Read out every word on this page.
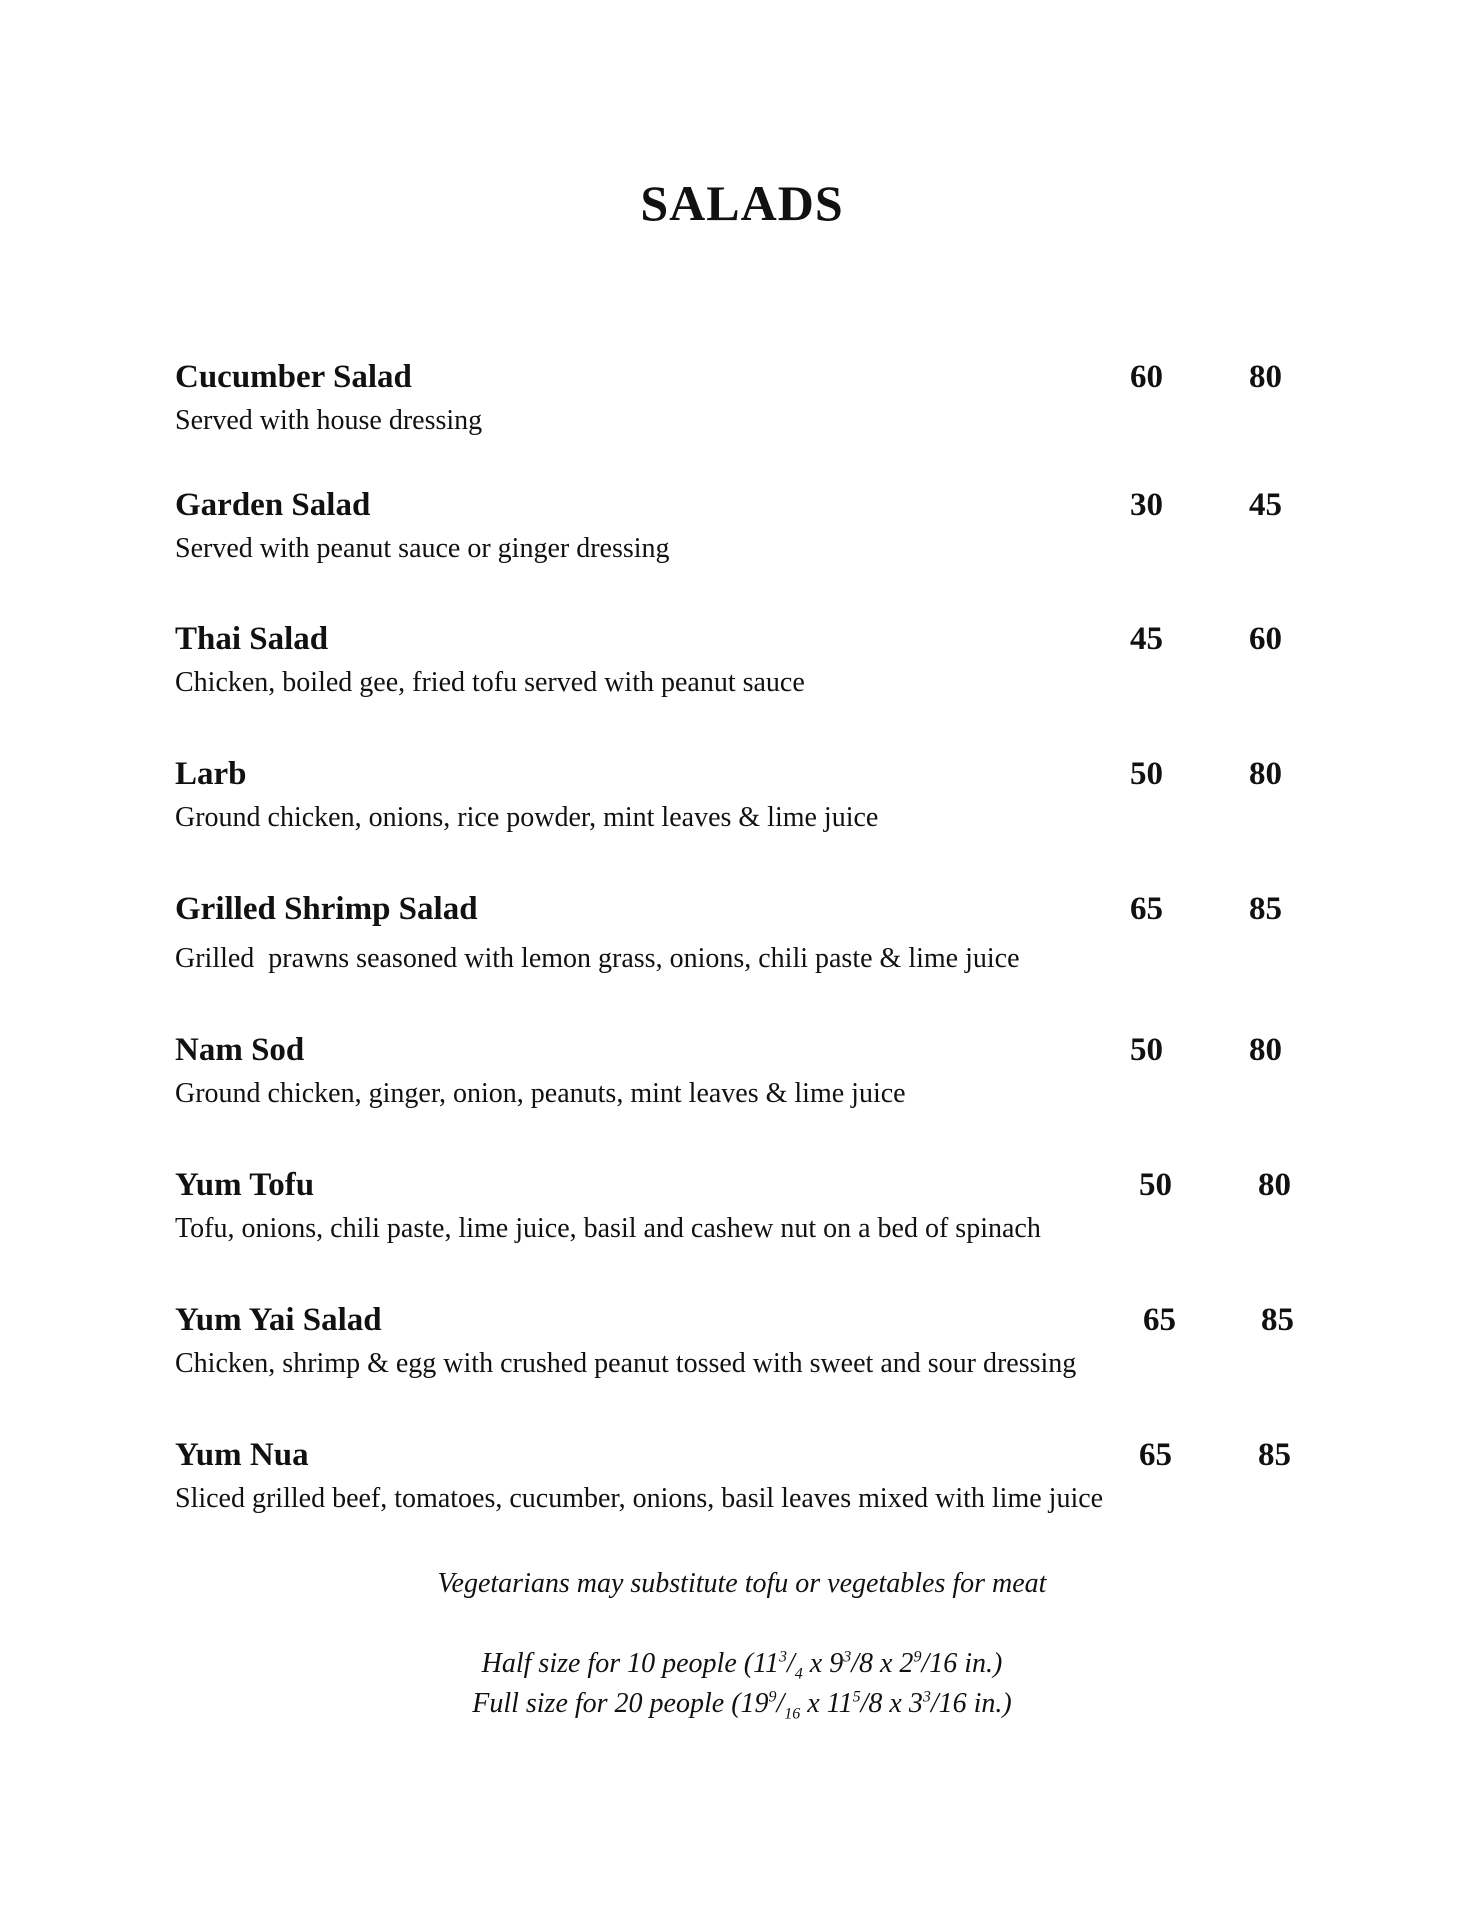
SALADS
Cucumber Salad	60	80
Served with house dressing
Garden Salad	30	45
Served with peanut sauce or ginger dressing
Thai Salad	45	60
Chicken, boiled gee, fried tofu served with peanut sauce
Larb	50	80
Ground chicken, onions, rice powder, mint leaves & lime juice
Grilled Shrimp Salad	65	85
Grilled  prawns seasoned with lemon grass, onions, chili paste & lime juice
Nam Sod	50	80
Ground chicken, ginger, onion, peanuts, mint leaves & lime juice
Yum Tofu	50	80
Tofu, onions, chili paste, lime juice, basil and cashew nut on a bed of spinach
Yum Yai Salad	65	85
Chicken, shrimp & egg with crushed peanut tossed with sweet and sour dressing
Yum Nua	65	85
Sliced grilled beef, tomatoes, cucumber, onions, basil leaves mixed with lime juice
Vegetarians may substitute tofu or vegetables for meat
Half size for 10 people ($11^3/_4$ x $9^3/8$ x $2^9/16$ in.)
Full size for 20 people ($19^9/_{16}$ x $11^5/8$ x $3^3/16$ in.)
